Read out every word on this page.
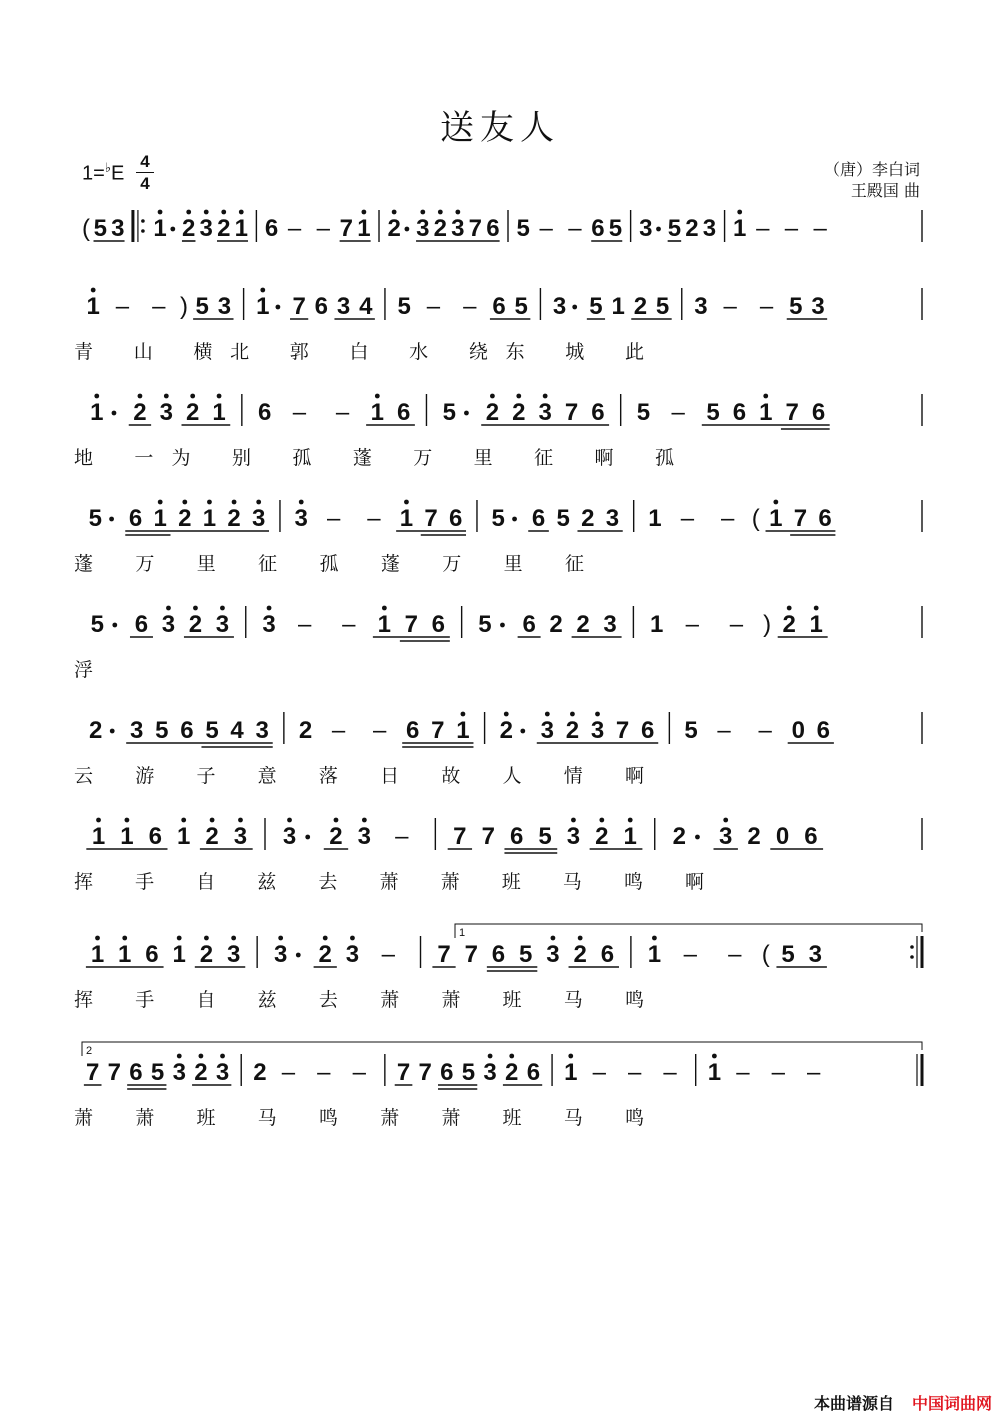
送友人
1=♭E
4
4
（唐）李白词
王殿国 曲
( 5 3 1 2 3 2 1 6 – – 7 1 2 3 2 3 7 6 5 – – 6 5 3 5 2 3 1 – – –
1 – – ) 5 3 1 7 6 3 4 5 – – 6 5 3 5 1 2 5 3 – – 5 3
青 山 横北 郭 白 水 绕东 城 此
1 2 3 2 1 6 – – 1 6 5 2 2 3 7 6 5 – 5 6 1 7 6
地 一为 别 孤 蓬 万 里 征 啊 孤
5 6 1 2 1 2 3 3 – – 1 7 6 5 6 5 2 3 1 – – ( 1 7 6
蓬 万 里 征 孤 蓬 万 里 征
5 6 3 2 3 3 – – 1 7 6 5 6 2 2 3 1 – – ) 2 1
浮
2 3 5 6 5 4 3 2 – – 6 7 1 2 3 2 3 7 6 5 – – 0 6
云 游 子 意 落 日 故 人 情 啊
1 1 6 1 2 3 3 2 3 – 7 7 6 5 3 2 1 2 3 2 0 6
挥 手 自 兹 去 萧 萧 班 马 鸣 啊
1 1 6 1 2 3 3 2 3 – 7 7 6 5 3 2 6 1 – – ( 5 3
1
挥 手 自 兹 去 萧 萧 班 马 鸣
7 7 6 5 3 2 3 2 – – – 7 7 6 5 3 2 6 1 – – – 1 – – –
2
萧 萧 班 马 鸣 萧 萧 班 马 鸣
本曲谱源自 中国词曲网
